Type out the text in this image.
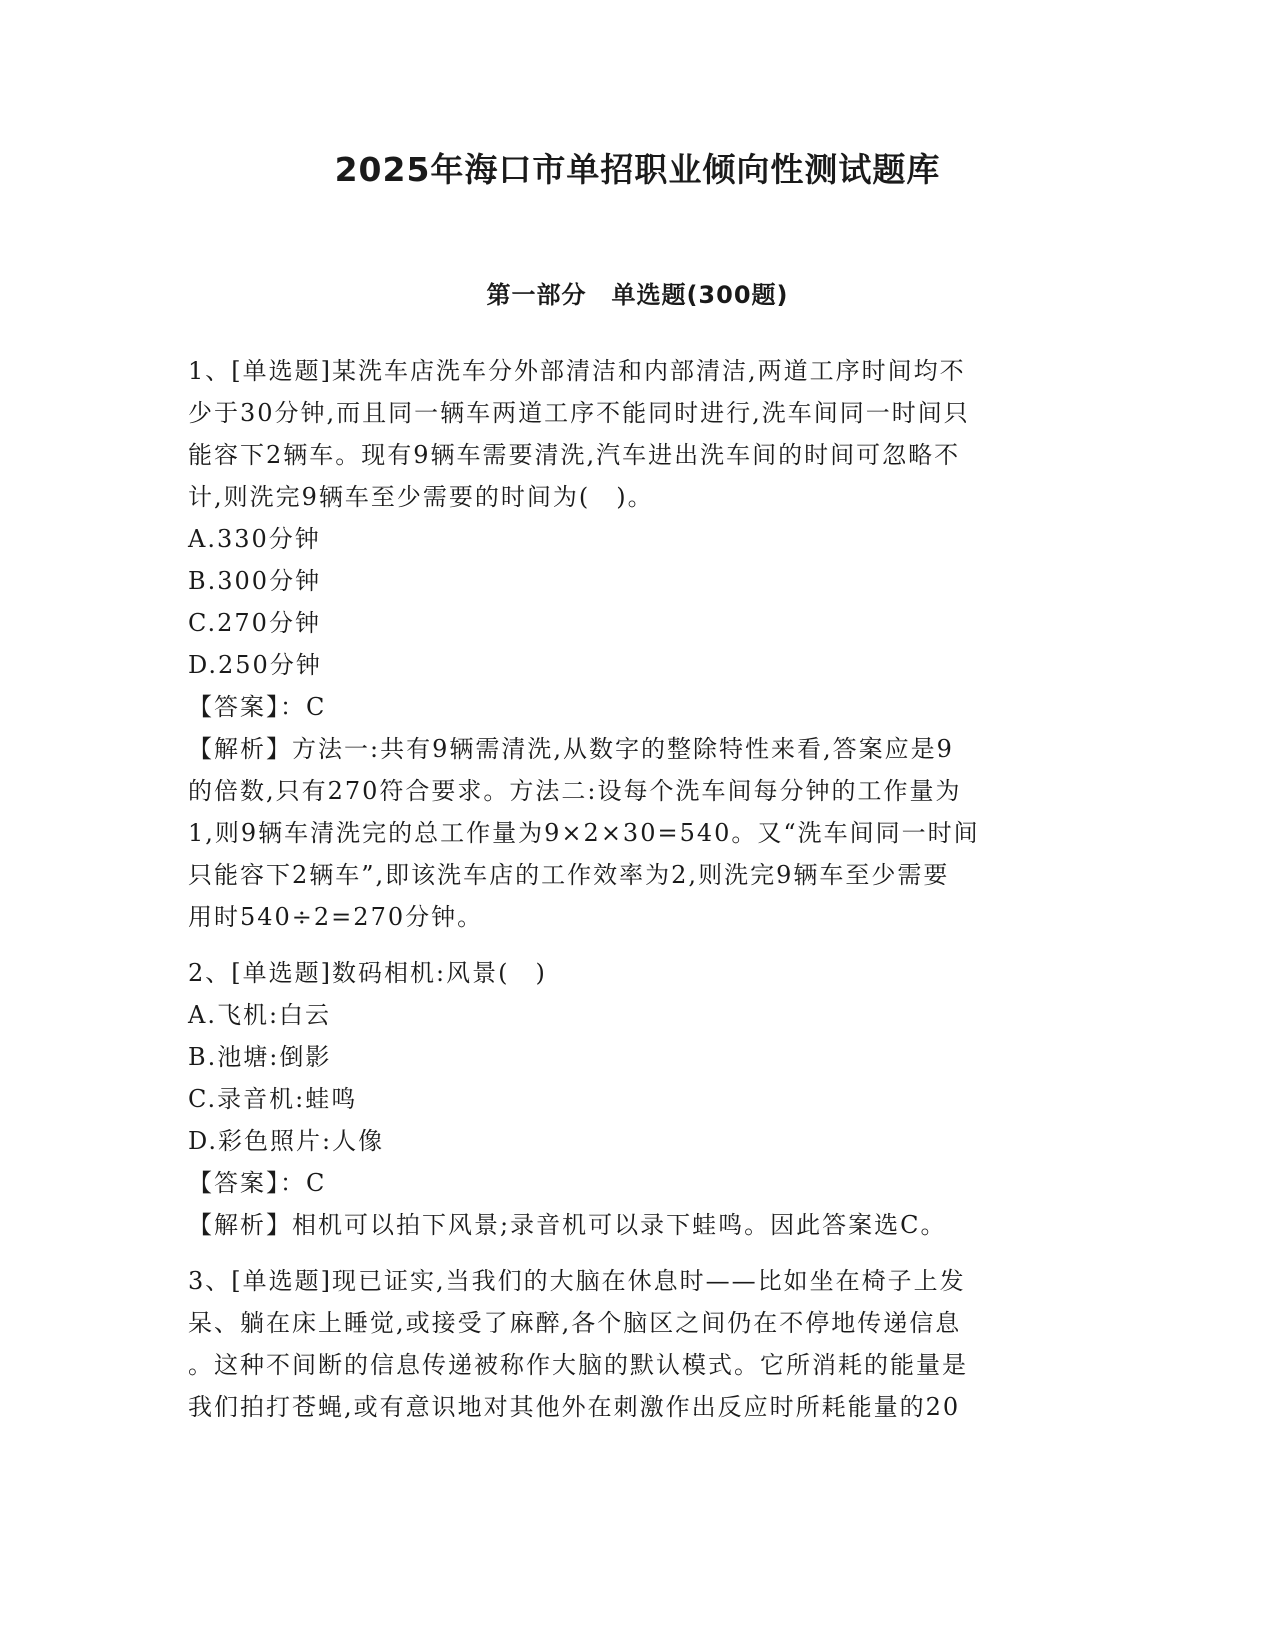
2025年海口市单招职业倾向性测试题库
第一部分　单选题(300题)
1、[单选题]某洗车店洗车分外部清洁和内部清洁,两道工序时间均不
少于30分钟,而且同一辆车两道工序不能同时进行,洗车间同一时间只
能容下2辆车。现有9辆车需要清洗,汽车进出洗车间的时间可忽略不
计,则洗完9辆车至少需要的时间为(　)。
A.330分钟
B.300分钟
C.270分钟
D.250分钟
【答案】：C
【解析】方法一:共有9辆需清洗,从数字的整除特性来看,答案应是9
的倍数,只有270符合要求。方法二:设每个洗车间每分钟的工作量为
1,则9辆车清洗完的总工作量为9×2×30=540。又“洗车间同一时间
只能容下2辆车”,即该洗车店的工作效率为2,则洗完9辆车至少需要
用时540÷2=270分钟。
2、[单选题]数码相机:风景(　)
A.飞机:白云
B.池塘:倒影
C.录音机:蛙鸣
D.彩色照片:人像
【答案】：C
【解析】相机可以拍下风景;录音机可以录下蛙鸣。因此答案选C。
3、[单选题]现已证实,当我们的大脑在休息时——比如坐在椅子上发
呆、躺在床上睡觉,或接受了麻醉,各个脑区之间仍在不停地传递信息
。这种不间断的信息传递被称作大脑的默认模式。它所消耗的能量是
我们拍打苍蝇,或有意识地对其他外在刺激作出反应时所耗能量的20
